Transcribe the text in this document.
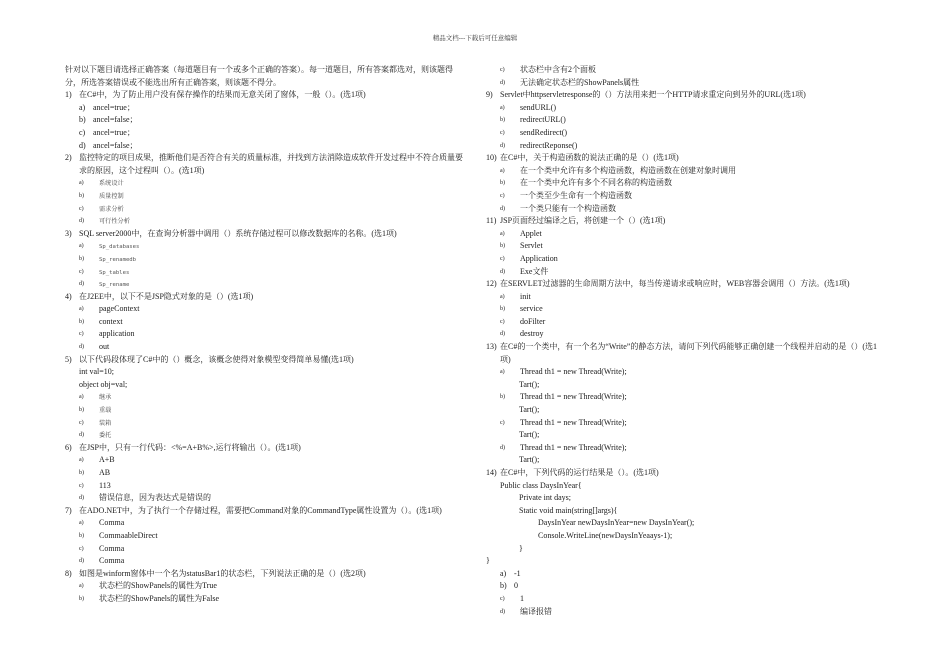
精品文档---下载后可任意编辑
针对以下题目请选择正确答案（每道题目有一个或多个正确的答案）。每一道题目，所有答案都选对，则该题得分，所选答案错误或不能选出所有正确答案，则该题不得分。
1) 在C#中，为了防止用户没有保存操作的结果而无意关闭了窗体，一般（）。(选1项)
a) ancel=true；
b) ancel=false；
c) ancel=true；
d) ancel=false；
2) 监控特定的项目成果，推断他们是否符合有关的质量标准，并找到方法消除造成软件开发过程中不符合质量要求的原因，这个过程叫（）。(选1项)
a) 系统设计
b) 质量控制
c) 需求分析
d) 可行性分析
3) SQL server2000中，在查询分析器中调用（）系统存储过程可以修改数据库的名称。(选1项)
a)	Sp_databases
b)	Sp_renamedb
c)	Sp_tables
d)	Sp_rename
4) 在J2EE中，以下不是JSP隐式对象的是（）(选1项)
a) pageContext
b) context
c) application
d) out
5) 以下代码段体现了C#中的（）概念，该概念使得对象模型变得简单易懂(选1项)
int val=10;
object obj=val;
a) 继承
b) 重载
c) 装箱
d) 委托
6) 在JSP中，只有一行代码：<%=A+B%>,运行将输出（）。(选1项)
a) A+B
b) AB
c) 113
d) 错误信息，因为表达式是错误的
7) 在ADO.NET中，为了执行一个存储过程，需要把Command对象的CommandType属性设置为（）。(选1项)
a) Comma
b) CommaableDirect
c) Comma
d) Comma
8) 如图是winform窗体中一个名为statusBar1的状态栏，下列说法正确的是（）(选2项)
a) 状态栏的ShowPanels的属性为True
b) 状态栏的ShowPanels的属性为False
c) 状态栏中含有2个面板
d) 无法确定状态栏的ShowPanels属性
9) Servlet中httpservletresponse的（）方法用来把一个HTTP请求重定向到另外的URL(选1项)
a) sendURL()
b) redirectURL()
c) sendRedirect()
d) redirectReponse()
10) 在C#中，关于构造函数的说法正确的是（）(选1项)
a) 在一个类中允许有多个构造函数，构造函数在创建对象时调用
b) 在一个类中允许有多个不同名称的构造函数
c) 一个类至少生命有一个构造函数
d) 一个类只能有一个构造函数
11) JSP页面经过编译之后，将创建一个（）(选1项)
a) Applet
b) Servlet
c) Application
d) Exe文件
12) 在SERVLET过滤器的生命周期方法中，每当传递请求或响应时，WEB容器会调用（）方法。(选1项)
a) init
b) service
c) doFilter
d) destroy
13) 在C#的一个类中，有一个名为“Write”的静态方法，请问下列代码能够正确创建一个线程并启动的是（）(选1项)
a) Thread th1 = new Thread(Write);
Tart();
b) Thread th1 = new Thread(Write);
Tart();
c) Thread th1 = new Thread(Write);
Tart();
d) Thread th1 = new Thread(Write);
Tart();
14) 在C#中，下列代码的运行结果是（）。(选1项)
Public class DaysInYear{
Private int days;
Static void main(string[]args){
DaysInYear newDaysInYear=new DaysInYear();
Console.WriteLine(newDaysInYeaays-1);
}
}
a) -1
b) 0
c) 1
d) 编译报错
